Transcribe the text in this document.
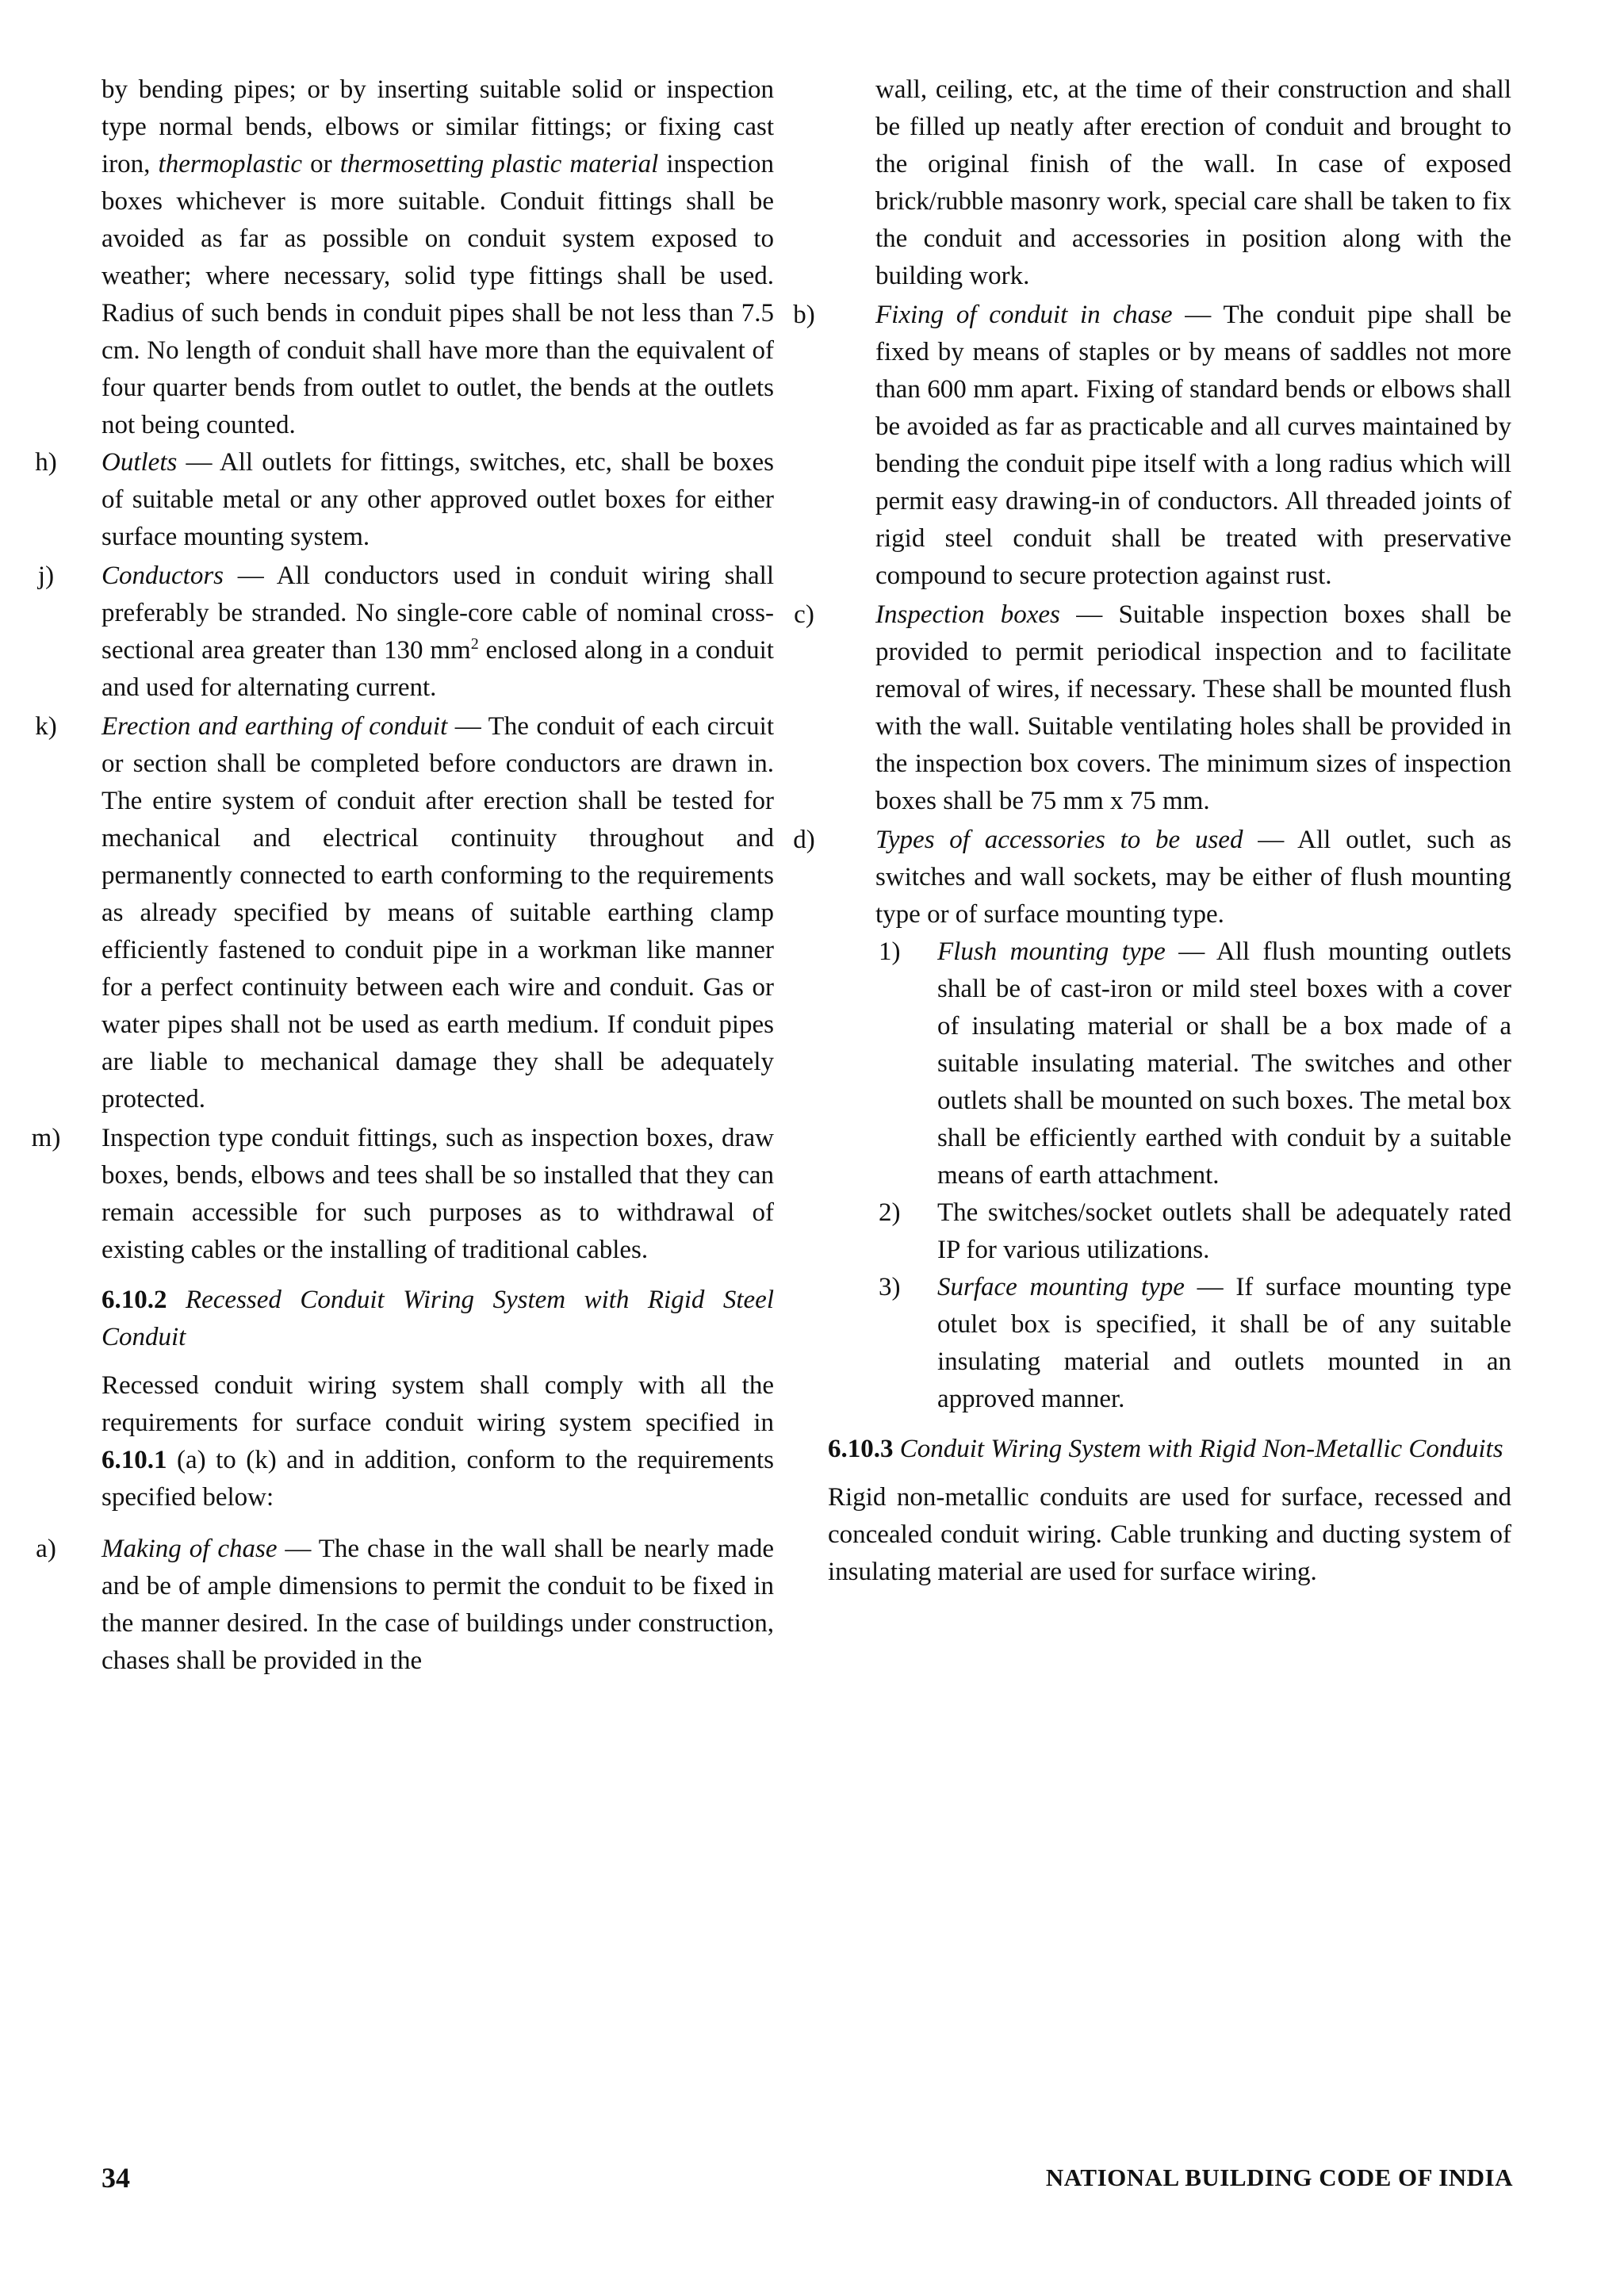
by bending pipes; or by inserting suitable solid or inspection type normal bends, elbows or similar fittings; or fixing cast iron, thermoplastic or thermosetting plastic material inspection boxes whichever is more suitable. Conduit fittings shall be avoided as far as possible on conduit system exposed to weather; where necessary, solid type fittings shall be used. Radius of such bends in conduit pipes shall be not less than 7.5 cm. No length of conduit shall have more than the equivalent of four quarter bends from outlet to outlet, the bends at the outlets not being counted.

h)	Outlets — All outlets for fittings, switches, etc, shall be boxes of suitable metal or any other approved outlet boxes for either surface mounting system.
j)	Conductors — All conductors used in conduit wiring shall preferably be stranded. No single-core cable of nominal cross-sectional area greater than 130 $mm^2$ enclosed along in a conduit and used for alternating current.
k)	Erection and earthing of conduit — The conduit of each circuit or section shall be completed before conductors are drawn in. The entire system of conduit after erection shall be tested for mechanical and electrical continuity throughout and permanently connected to earth conforming to the requirements as already specified by means of suitable earthing clamp efficiently fastened to conduit pipe in a workman like manner for a perfect continuity between each wire and conduit. Gas or water pipes shall not be used as earth medium. If conduit pipes are liable to mechanical damage they shall be adequately protected.
m)	Inspection type conduit fittings, such as inspection boxes, draw boxes, bends, elbows and tees shall be so installed that they can remain accessible for such purposes as to withdrawal of existing cables or the installing of traditional cables.

6.10.2 Recessed Conduit Wiring System with Rigid Steel Conduit

Recessed conduit wiring system shall comply with all the requirements for surface conduit wiring system specified in 6.10.1 (a) to (k) and in addition, conform to the requirements specified below:

a)	Making of chase — The chase in the wall shall be nearly made and be of ample dimensions to permit the conduit to be fixed in the manner desired. In the case of buildings under construction, chases shall be provided in the
wall, ceiling, etc, at the time of their construction and shall be filled up neatly after erection of conduit and brought to the original finish of the wall. In case of exposed brick/rubble masonry work, special care shall be taken to fix the conduit and accessories in position along with the building work.
b)	Fixing of conduit in chase — The conduit pipe shall be fixed by means of staples or by means of saddles not more than 600 mm apart. Fixing of standard bends or elbows shall be avoided as far as practicable and all curves maintained by bending the conduit pipe itself with a long radius which will permit easy drawing-in of conductors. All threaded joints of rigid steel conduit shall be treated with preservative compound to secure protection against rust.
c)	Inspection boxes — Suitable inspection boxes shall be provided to permit periodical inspection and to facilitate removal of wires, if necessary. These shall be mounted flush with the wall. Suitable ventilating holes shall be provided in the inspection box covers. The minimum sizes of inspection boxes shall be 75 mm x 75 mm.
d)	Types of accessories to be used — All outlet, such as switches and wall sockets, may be either of flush mounting type or of surface mounting type.
1)	Flush mounting type — All flush mounting outlets shall be of cast-iron or mild steel boxes with a cover of insulating material or shall be a box made of a suitable insulating material. The switches and other outlets shall be mounted on such boxes. The metal box shall be efficiently earthed with conduit by a suitable means of earth attachment.
2)	The switches/socket outlets shall be adequately rated IP for various utilizations.
3)	Surface mounting type — If surface mounting type otulet box is specified, it shall be of any suitable insulating material and outlets mounted in an approved manner.

6.10.3 Conduit Wiring System with Rigid Non-Metallic Conduits

Rigid non-metallic conduits are used for surface, recessed and concealed conduit wiring. Cable trunking and ducting system of insulating material are used for surface wiring.

34	NATIONAL BUILDING CODE OF INDIA
